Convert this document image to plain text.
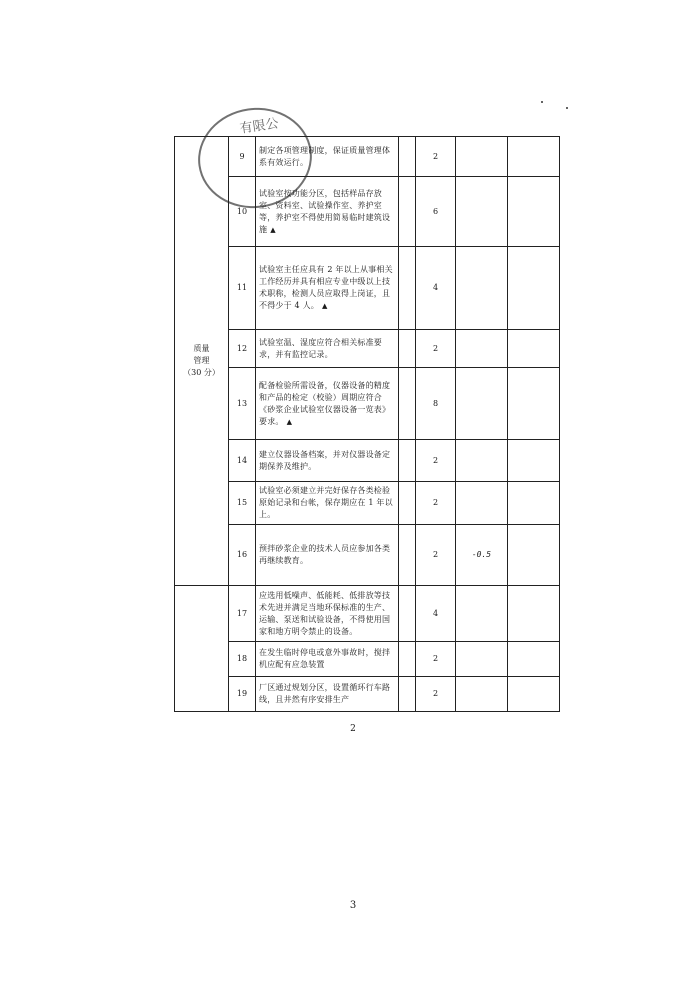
有限公
质量
管理
（30 分）	9	制定各项管理制度，保证质量管理体系有效运行。		2		
	10	试验室按功能分区，包括样品存放室、资料室、试验操作室、养护室等，养护室不得使用简易临时建筑设施 ▲		6		
	11	试验室主任应具有 2 年以上从事相关工作经历并具有相应专业中级以上技术职称，检测人员应取得上岗证，且不得少于 4 人。 ▲		4		
	12	试验室温、湿度应符合相关标准要求，并有监控记录。		2		
	13	配备检验所需设备，仪器设备的精度和产品的检定（校验）周期应符合《砂浆企业试验室仪器设备一览表》要求。 ▲		8		
	14	建立仪器设备档案，并对仪器设备定期保养及维护。		2		
	15	试验室必须建立并完好保存各类检验原始记录和台帐，保存期应在 1 年以上。		2		
	16	预拌砂浆企业的技术人员应参加各类再继续教育。		2	-0.5	
	17	应选用低噪声、低能耗、低排放等技术先进并满足当地环保标准的生产、运输、泵送和试验设备，不得使用国家和地方明令禁止的设备。		4		
	18	在发生临时停电或意外事故时，搅拌机应配有应急装置		2		
	19	厂区通过规划分区，设置循环行车路线，且井然有序安排生产		2		
2
3
